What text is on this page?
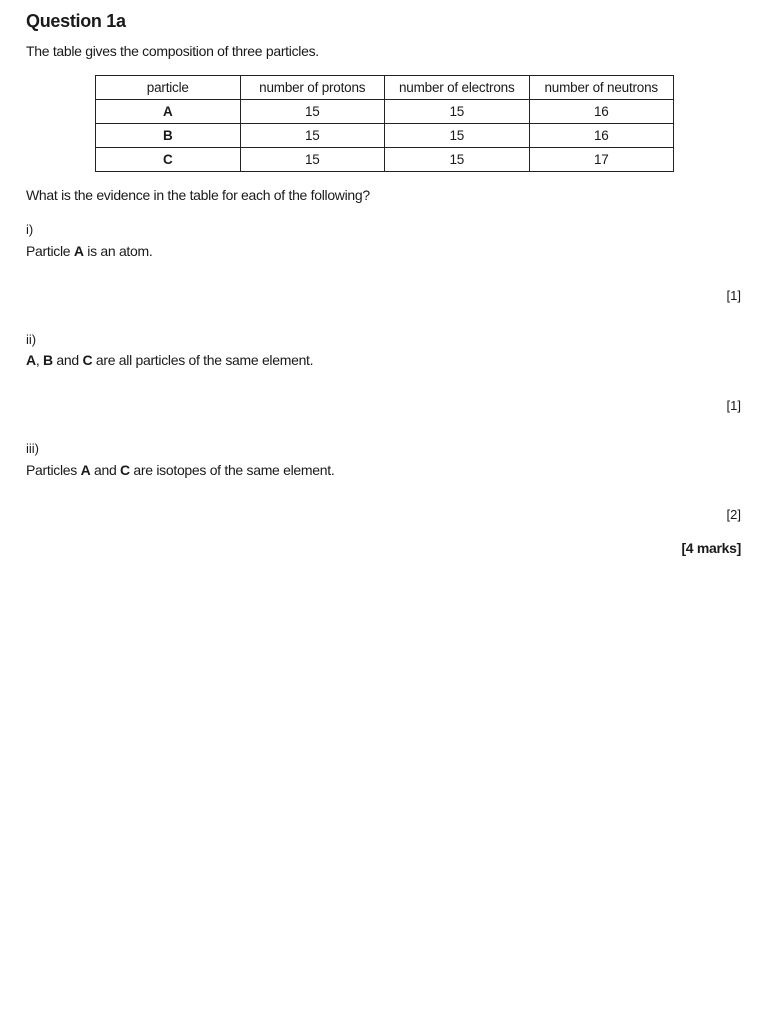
Question 1a
The table gives the composition of three particles.
particle	number of protons	number of electrons	number of neutrons
A	15	15	16
B	15	15	16
C	15	15	17
What is the evidence in the table for each of the following?
i)
Particle A is an atom.
[1]
ii)
A, B and C are all particles of the same element.
[1]
iii)
Particles A and C are isotopes of the same element.
[2]
[4 marks]
